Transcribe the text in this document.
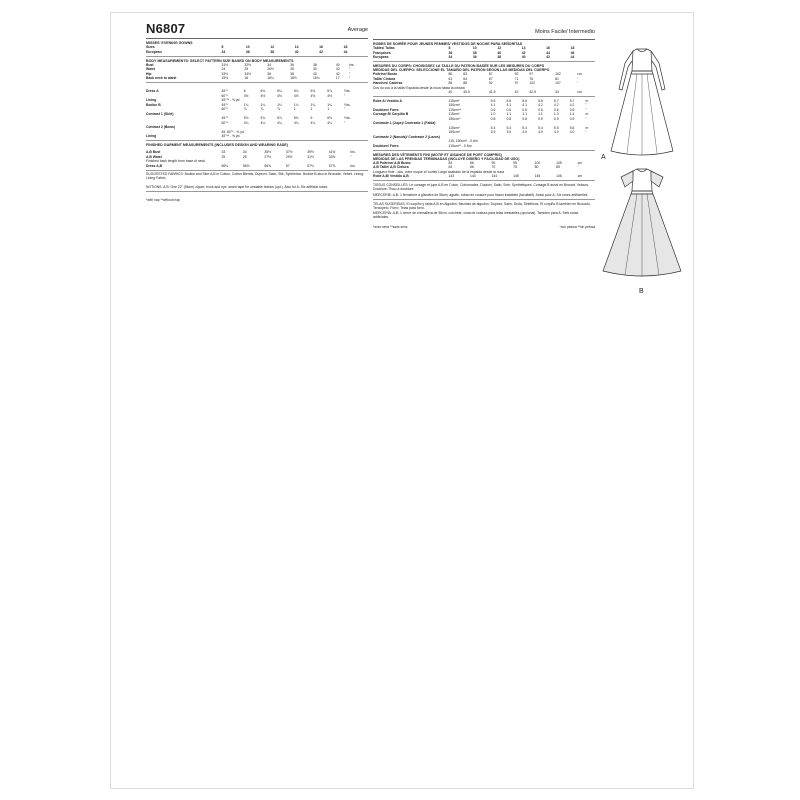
N6807	Average
MISSES' EVENING GOWNS
Sizes	8	10	12	14	16	18	
European	34	36	38	40	42	44	
BODY MEASUREMENTS: SELECT PATTERN SIZE BASED ON BODY MEASUREMENTS
Bust	31½	32½	34	36	38	40	Ins.
Waist	24	25	26½	28	30	32	"
Hip	33½	34½	36	38	40	42	"
Back neck to waist	15½	16	16¼	16½	16¾	17	"
Dress A	45"*	6	6⅛	6¼	6¼	6¾	6⅞	Yds.
	60"*	4½	4½	4½	4½	4½	4½	"
Lining	45"** - ⅝ yd.							
Bodice B	45"*	1¼	1¼	1¼	1¼	1¼	1¼	Yds.
	60"*	⅞	⅞	⅞	1	1	1	"
Contrast 1 (Skirt)								
	45"*	5⅞	5⅞	5⅞	5¾	6	6⅜	Yds.
	60"*	4¼	4¼	4¼	4¼	4¼	4¼	"
Contrast 2 (Bows)								
	45, 60"* - ⅝ yd.							
Lining	45"** - ⅝ yd.							
FINISHED GARMENT MEASUREMENTS (INCLUDES DESIGN AND WEARING EASE)
A,B Bust	33	34	35½	37½	39½	41½	Ins.
A,B Waist	25	26	27½	29½	31½	33½	"
Finished back length from base of neck							
Dress A,B	56⅛	56⅜	56⅝	57	57⅜	57⅝	Ins.
SUGGESTED FABRICS: Bodice and Skirt A,B in Cotton, Cotton Blends, Dupioni, Satin, Silk, Synthetics. Bodice B also in Brocade, Velvet. Lining: Lining Fabric.
NOTIONS: A,B: One 22" (56cm) zipper, hook and eye, seam tape for unstable fabrics (opt.). Also for A: Six artificial roses.
*with nap **without nap
Moins Facile/ Intermedio
ROBES DE SOIRÉE POUR JEUNES FEMMES/ VESTIDOS DE NOCHE PARA SEÑORITAS
Tailles/ Tallas	8	10	12	14	16	18	
Françaises	36	38	40	42	44	46	
Europeas	34	36	38	40	42	44	
MESURES DU CORPS: CHOISISSEZ LA TAILLE DU PATRON BASÉE SUR LES MESURES DU CORPS
MEDIDAS DEL CUERPO: SELECCIONE EL TAMAÑO DEL PATRÓN SEGÚN LAS MEDIDAS DEL CUERPO
Poitrine/ Busto	80	83	87	92	97	102	cm
Taille/ Cintura	61	64	67	71	76	81	"
Hanches/ Caderas	85	88	92	97	102	107	"
Dos du cou à la taille/ Espalda desde la nuca hasta la cintura							
	40	40.5	41.5	42	42.5	43	cm
Robe A/ Vestido A	115cm*	5.5	5.6	5.6	5.6	5.7	5.7	m
	150cm*	4.1	4.1	4.1	4.2	4.2	4.2	"
Doublure/ Forro	115cm**	0.6	0.6	0.6	0.6	0.6	0.6	"
Corsage B/ Corpiño B	115cm*	1.0	1.1	1.1	1.1	1.3	1.4	m
	150cm*	0.8	0.8	0.8	0.9	0.9	0.9	"
Contraste 1 (Jupe)/ Contraste 1 (Falda)								
	115cm*	5.4	5.4	5.4	5.4	5.5	5.6	m
	150cm*	3.9	3.9	4.0	4.0	4.0	4.0	"
Contraste 2 (Nœuds)/ Contraste 2 (Lazos)								
	115, 150cm* - 0.6m							
Doublure/ Forro	115cm** - 0.6m							
MESURES DES VÊTEMENTS FINI (MOTIF ET AISANCE DE PORT COMPRIS)
MEDIDAS DE LAS PRENDAS TERMINADAS (INCLUYE DISEÑO Y FACILIDAD DE USO)
A,B Poitrine/ A,B Busto	84	86	90	95	100	105	cm
A,B Taille/ A,B Cintura	64	66	70	75	80	85	"
Longueur finie - dos, votre nuque à l'ourlet/ Largo acabado de la espalda desde la nuca							
Robe A,B/ Vestido A,B	143	144	144	145	145	146	cm
TISSUS CONSEILLÉS: Le corsage et jupe A,B en Coton, Cotonnades, Dupioni, Satin, Soie, Synthétiques. Corsage B aussi en Brocart, Velours. Doublure: Tissu à doublure.
MERCERIE: A,B: 1 fermeture à glissière de 56cm, agrafe, ruban de couture pour tissus instables (facultatif). Aussi pour A: Six roses artificielles.
TELAS SUGERIDAS: El corpiño y falda A,B en Algodón, Mezclas de algodón, Dupioni, Satín, Seda, Sintéticos. El corpiño B también en Brocado, Terciopelo. Forro: Telas para forro.
MERCERÍA: A,B: 1 cierre de cremallera de 56cm, corchete, cinta de costura para telas inestables (opcional). También para A: Seis rosas artificiales.
*avec sens **sans sens	*con pelusa **sin pelusa
A
B
